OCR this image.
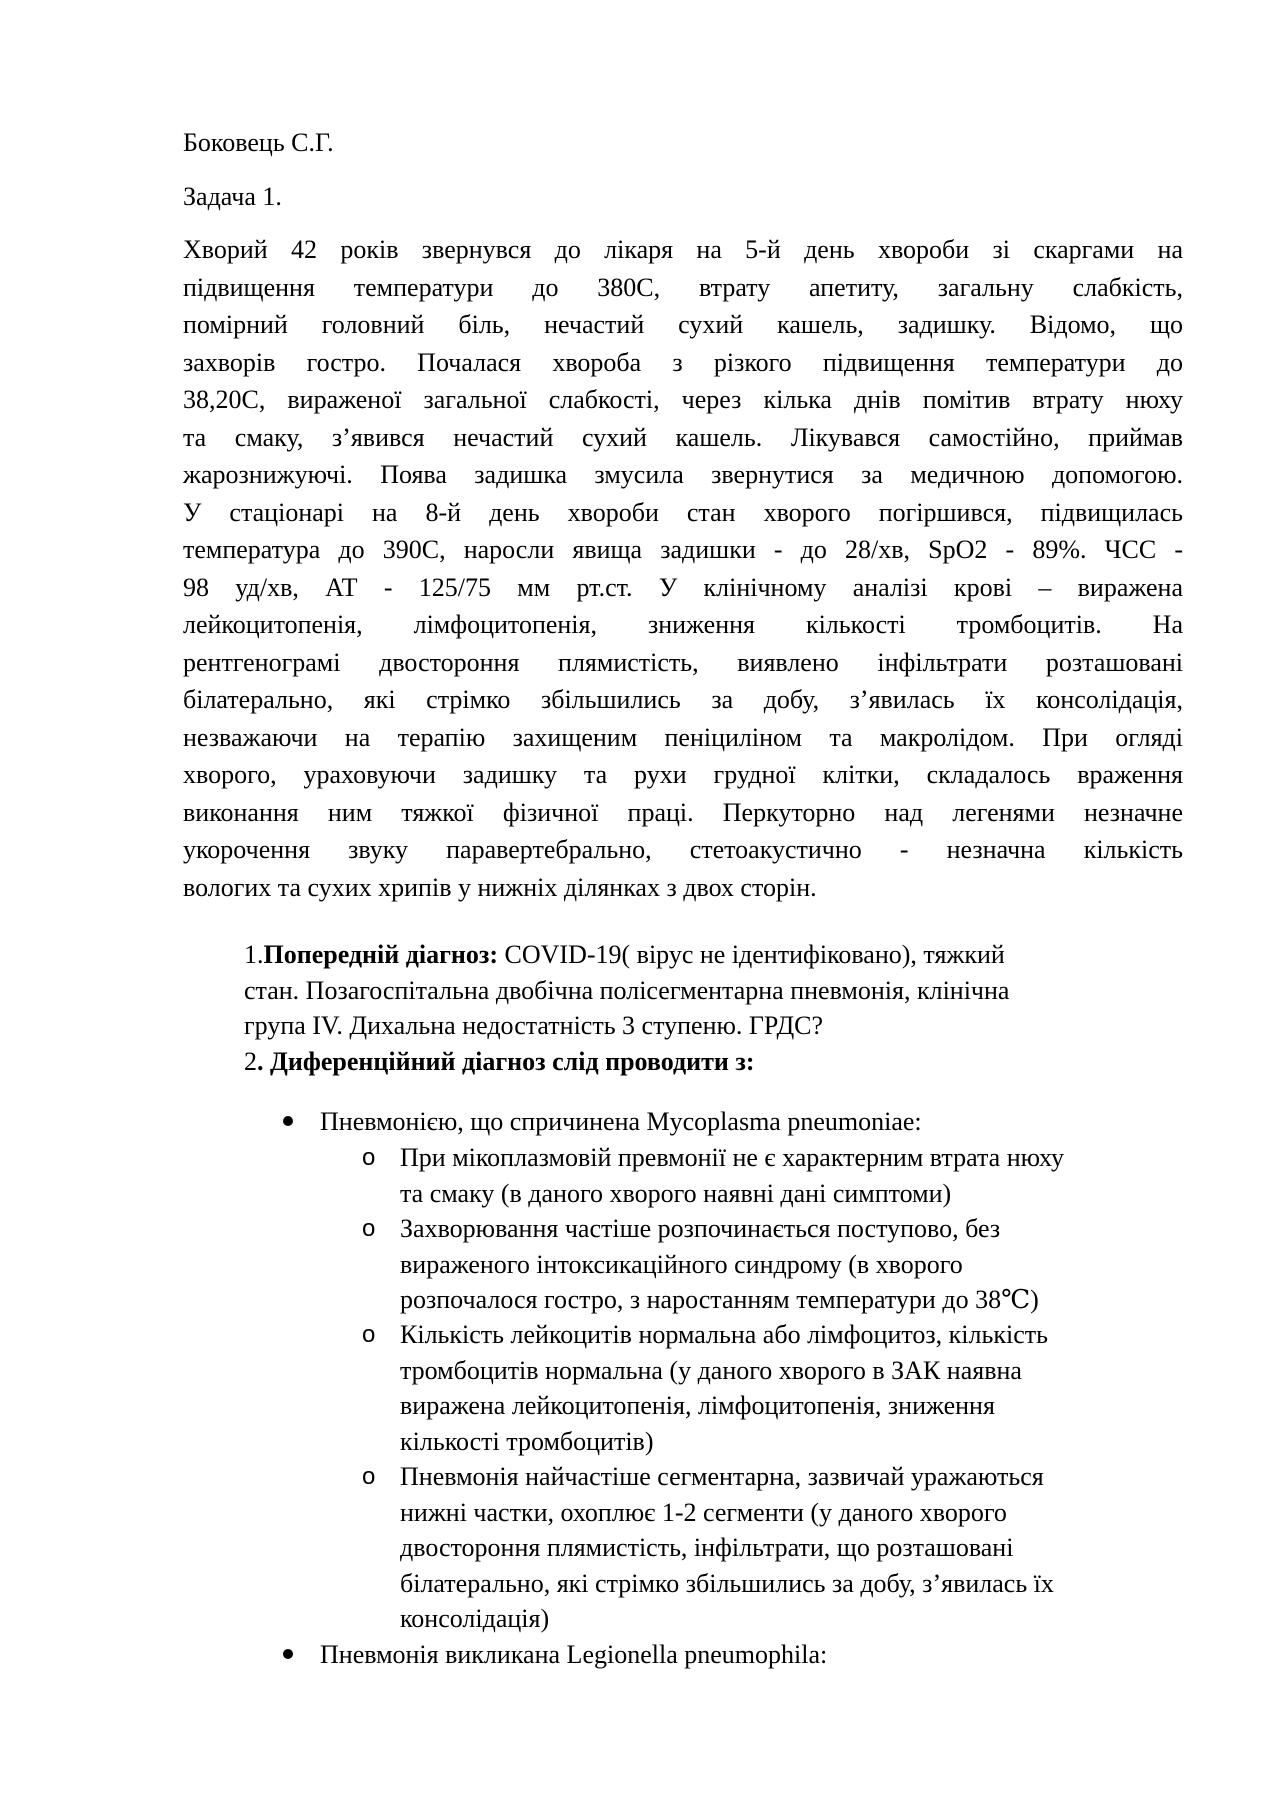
Боковець С.Г.
Задача 1.
Хворий 42 років звернувся до лікаря на 5-й день хвороби зі скаргами на
підвищення температури до 380С, втрату апетиту, загальну слабкість,
помірний головний біль, нечастий сухий кашель, задишку. Відомо, що
захворів гостро. Почалася хвороба з різкого підвищення температури до
38,20С, вираженої загальної слабкості, через кілька днів помітив втрату нюху
та смаку, з’явився нечастий сухий кашель. Лікувався самостійно, приймав
жарознижуючі. Поява задишка змусила звернутися за медичною допомогою.
У стаціонарі на 8-й день хвороби стан хворого погіршився, підвищилась
температура до 390С, наросли явища задишки - до 28/хв, SpO2 - 89%. ЧСС -
98 уд/хв, АТ - 125/75 мм рт.ст. У клінічному аналізі крові – виражена
лейкоцитопенія, лімфоцитопенія, зниження кількості тромбоцитів. На
рентгенограмі двостороння плямистість, виявлено інфільтрати розташовані
білатерально, які стрімко збільшились за добу, з’явилась їх консолідація,
незважаючи на терапію захищеним пеніциліном та макролідом. При огляді
хворого, ураховуючи задишку та рухи грудної клітки, складалось враження
виконання ним тяжкої фізичної праці. Перкуторно над легенями незначне
укорочення звуку паравертебрально, стетоакустично - незначна кількість
вологих та сухих хрипів у нижніх ділянках з двох сторін.
1.Попередній діагноз: COVID-19( вірус не ідентифіковано), тяжкий
стан. Позагоспітальна двобічна полісегментарна пневмонія, клінічна
група IV. Дихальна недостатність 3 ступеню. ГРДС?
2. Диференційний діагноз слід проводити з:
Пневмонією, що спричинена Mycoplasma pneumoniae:
o При мікоплазмовій превмонії не є характерним втрата нюху
та смаку (в даного хворого наявні дані симптоми)
o Захворювання частіше розпочинається поступово, без
вираженого інтоксикаційного синдрому (в хворого
розпочалося гостро, з наростанням температури до 38℃)
o Кількість лейкоцитів нормальна або лімфоцитоз, кількість
тромбоцитів нормальна (у даного хворого в ЗАК наявна
виражена лейкоцитопенія, лімфоцитопенія, зниження
кількості тромбоцитів)
o Пневмонія найчастіше сегментарна, зазвичай уражаються
нижні частки, охоплює 1-2 сегменти (у даного хворого
двостороння плямистість, інфільтрати, що розташовані
білатерально, які стрімко збільшились за добу, з’явилась їх
консолідація)
Пневмонія викликана Legionella pneumophila:
